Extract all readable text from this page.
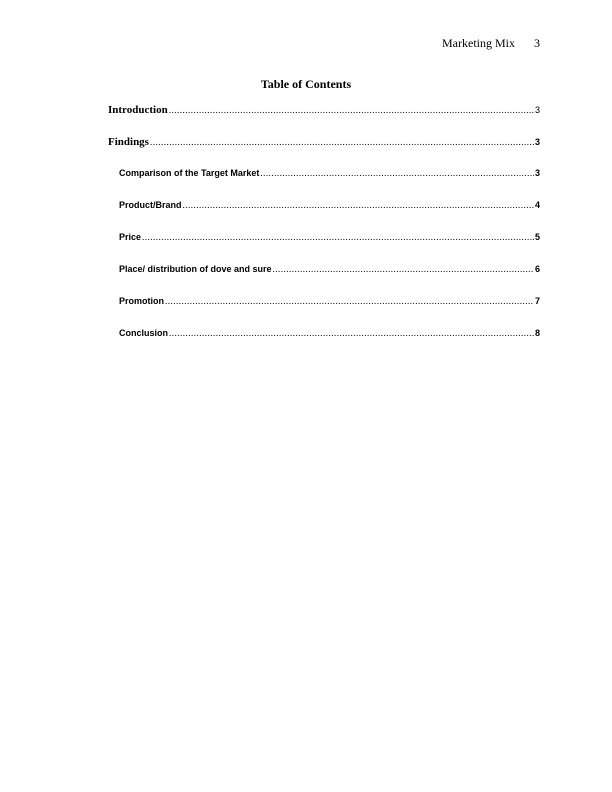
Marketing Mix 3
Table of Contents
Introduction .....	3
Findings .....	3
Comparison of the Target Market .....	3
Product/Brand .....	4
Price .....	5
Place/ distribution of dove and sure .....	6
Promotion .....	7
Conclusion .....	8
